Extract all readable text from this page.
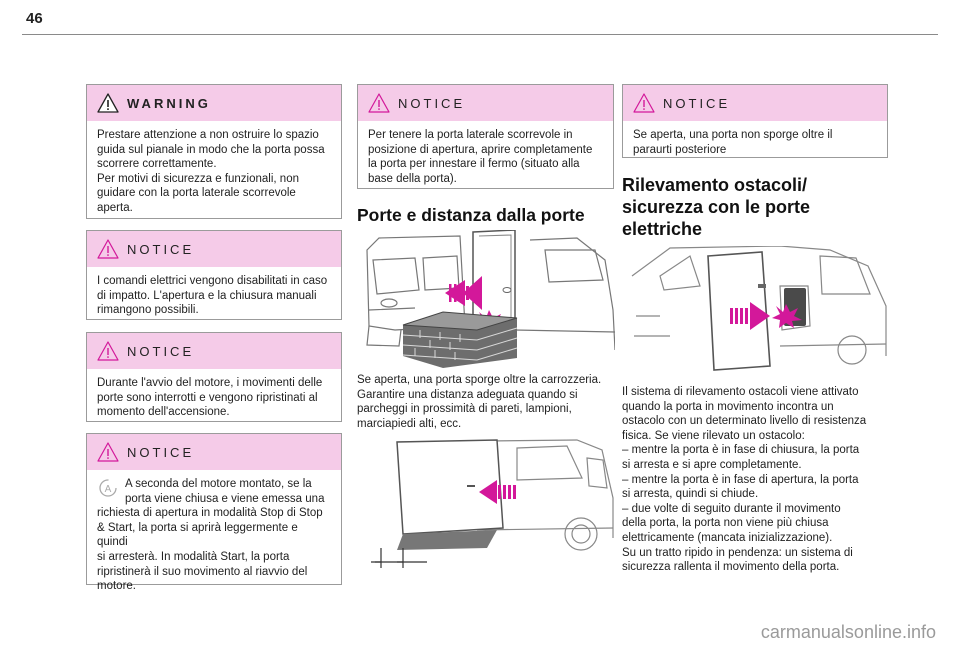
46
WARNING
Prestare attenzione a non ostruire lo spazio
guida sul pianale in modo che la porta possa
scorrere correttamente.
Per motivi di sicurezza e funzionali, non
guidare con la porta laterale scorrevole
aperta.
NOTICE
I comandi elettrici vengono disabilitati in caso
di impatto. L'apertura e la chiusura manuali
rimangono possibili.
NOTICE
Durante l'avvio del motore, i movimenti delle
porte sono interrotti e vengono ripristinati al
momento dell'accensione.
NOTICE
A	A seconda del motore montato, se la
porta viene chiusa e viene emessa una
richiesta di apertura in modalità Stop di Stop
& Start, la porta si aprirà leggermente e quindi
si arresterà. In modalità Start, la porta
ripristinerà il suo movimento al riavvio del
motore.
NOTICE
Per tenere la porta laterale scorrevole in
posizione di apertura, aprire completamente
la porta per innestare il fermo (situato alla
base della porta).
Porte e distanza dalla porte
Se aperta, una porta sporge oltre la carrozzeria.
Garantire una distanza adeguata quando si
parcheggi in prossimità di pareti, lampioni,
marciapiedi alti, ecc.
NOTICE
Se aperta, una porta non sporge oltre il
paraurti posteriore
Rilevamento ostacoli/
sicurezza con le porte
elettriche
Il sistema di rilevamento ostacoli viene attivato
quando la porta in movimento incontra un
ostacolo con un determinato livello di resistenza
fisica. Se viene rilevato un ostacolo:
– mentre la porta è in fase di chiusura, la porta
si arresta e si apre completamente.
– mentre la porta è in fase di apertura, la porta
si arresta, quindi si chiude.
– due volte di seguito durante il movimento
della porta, la porta non viene più chiusa
elettricamente (mancata inizializzazione).
Su un tratto ripido in pendenza: un sistema di
sicurezza rallenta il movimento della porta.
carmanualsonline.info
